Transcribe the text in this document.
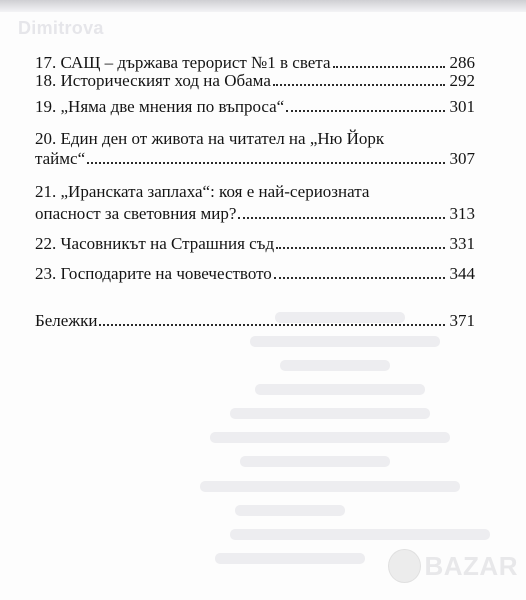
Dimitrova
17. САЩ – държава терорист №1 в света	286
18. Историческият ход на Обама	292
19. „Няма две мнения по въпроса“	301
20. Един ден от живота на читател на „Ню Йорк
таймс“	307
21. „Иранската заплаха“: коя е най-сериозната
опасност за световния мир?	313
22. Часовникът на Страшния съд	331
23. Господарите на човечеството	344
Бележки	371
BAZAR
